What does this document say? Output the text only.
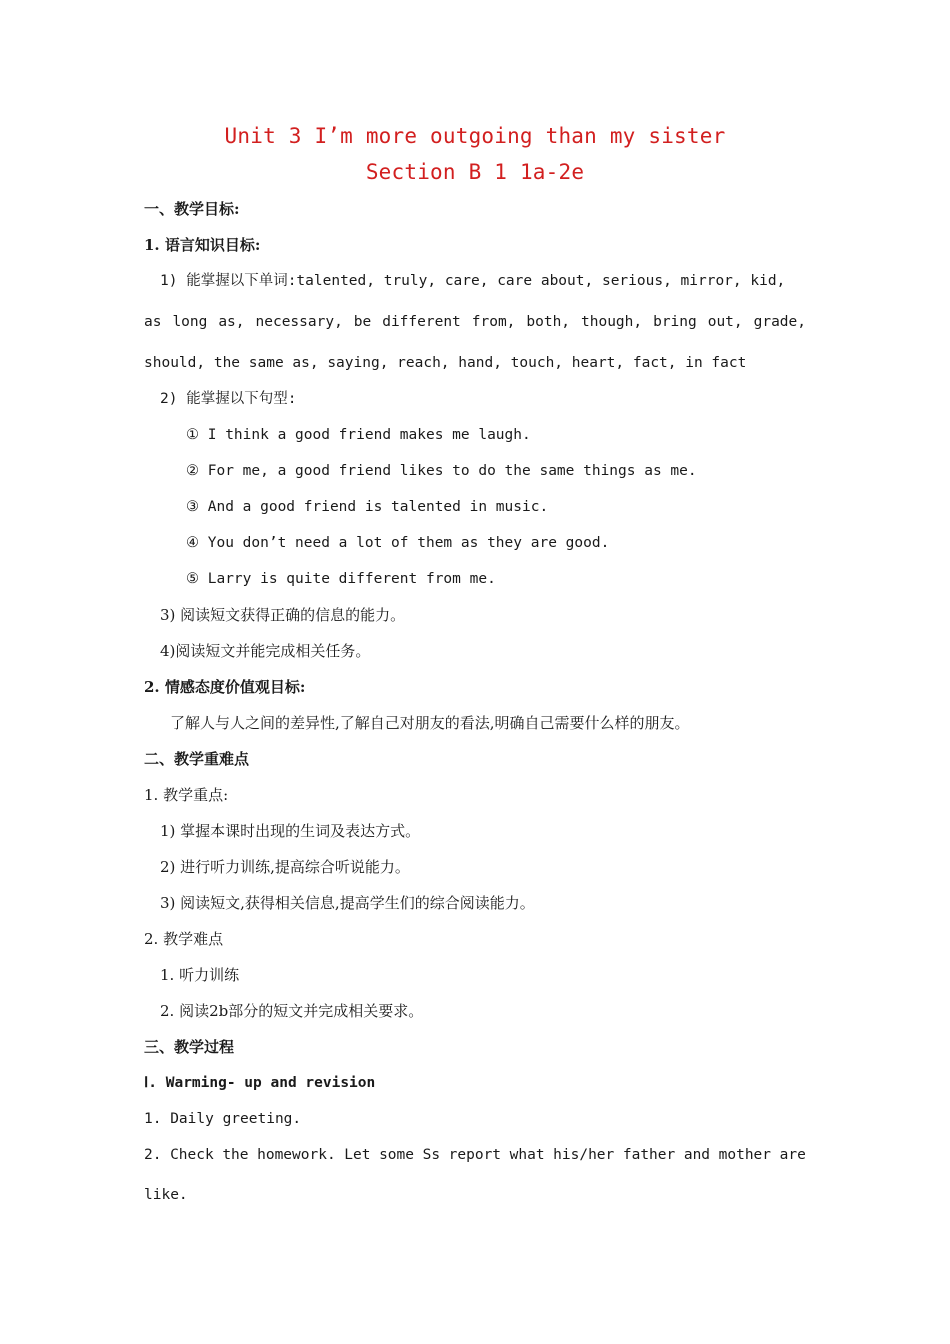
Unit 3 I’m more outgoing than my sister
Section B 1 1a-2e
一、教学目标:
1. 语言知识目标:
1) 能掌握以下单词:talented, truly, care, care about, serious, mirror, kid,
as long as, necessary, be different from, both, though, bring out, grade,
should, the same as, saying, reach, hand, touch, heart, fact, in fact
2) 能掌握以下句型:
① I think a good friend makes me laugh.
② For me, a good friend likes to do the same things as me.
③ And a good friend is talented in music.
④ You don’t need a lot of them as they are good.
⑤ Larry is quite different from me.
3) 阅读短文获得正确的信息的能力。
4)阅读短文并能完成相关任务。
2. 情感态度价值观目标:
了解人与人之间的差异性,了解自己对朋友的看法,明确自己需要什么样的朋友。
二、教学重难点
1. 教学重点:
1) 掌握本课时出现的生词及表达方式。
2) 进行听力训练,提高综合听说能力。
3) 阅读短文,获得相关信息,提高学生们的综合阅读能力。
2. 教学难点
1. 听力训练
2. 阅读2b部分的短文并完成相关要求。
三、教学过程
Ⅰ. Warming- up and revision
1. Daily greeting.
2. Check the homework. Let some Ss report what his/her father and mother are
like.
